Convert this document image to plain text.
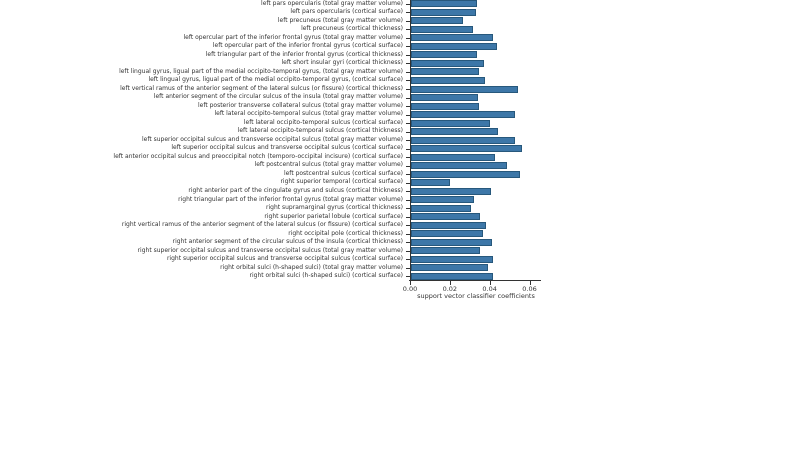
left pars opercularis (total gray matter volume)
left pars opercularis (cortical surface)
left precuneus (total gray matter volume)
left precuneus (cortical thickness)
left opercular part of the inferior frontal gyrus (total gray matter volume)
left opercular part of the inferior frontal gyrus (cortical surface)
left triangular part of the inferior frontal gyrus (cortical thickness)
left short insular gyri (cortical thickness)
left lingual gyrus, ligual part of the medial occipito-temporal gyrus, (total gray matter volume)
left lingual gyrus, ligual part of the medial occipito-temporal gyrus, (cortical surface)
left vertical ramus of the anterior segment of the lateral sulcus (or fissure) (cortical thickness)
left anterior segment of the circular sulcus of the insula (total gray matter volume)
left posterior transverse collateral sulcus (total gray matter volume)
left lateral occipito-temporal sulcus (total gray matter volume)
left lateral occipito-temporal sulcus (cortical surface)
left lateral occipito-temporal sulcus (cortical thickness)
left superior occipital sulcus and transverse occipital sulcus (total gray matter volume)
left superior occipital sulcus and transverse occipital sulcus (cortical surface)
left anterior occipital sulcus and preoccipital notch (temporo-occipital incisure) (cortical surface)
left postcentral sulcus (total gray matter volume)
left postcentral sulcus (cortical surface)
right superior temporal (cortical surface)
right anterior part of the cingulate gyrus and sulcus (cortical thickness)
right triangular part of the inferior frontal gyrus (total gray matter volume)
right supramarginal gyrus (cortical thickness)
right superior parietal lobule (cortical surface)
right vertical ramus of the anterior segment of the lateral sulcus (or fissure) (cortical surface)
right occipital pole (cortical thickness)
right anterior segment of the circular sulcus of the insula (cortical thickness)
right superior occipital sulcus and transverse occipital sulcus (total gray matter volume)
right superior occipital sulcus and transverse occipital sulcus (cortical surface)
right orbital sulci (h-shaped sulci) (total gray matter volume)
right orbital sulci (h-shaped sulci) (cortical surface)
0.00	0.02	0.04	0.06
support vector classifier coefficients
